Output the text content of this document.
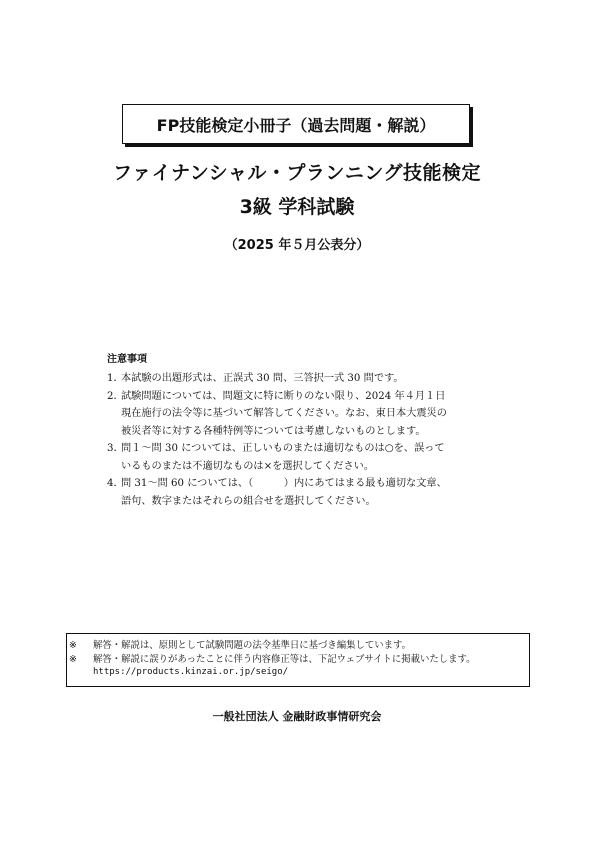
FP技能検定小冊子（過去問題・解説）
ファイナンシャル・プランニング技能検定
3級 学科試験
（2025 年５月公表分）
注意事項
1．
本試験の出題形式は、正誤式 30 問、三答択一式 30 問です。
2．
試験問題については、問題文に特に断りのない限り、2024 年４月１日
現在施行の法令等に基づいて解答してください。なお、東日本大震災の
被災者等に対する各種特例等については考慮しないものとします。
3．
問１～問 30 については、正しいものまたは適切なものは○を、誤って
いるものまたは不適切なものは×を選択してください。
4．
問 31～問 60 については、（　　　）内にあてはまる最も適切な文章、
語句、数字またはそれらの組合せを選択してください。
※	解答・解説は、原則として試験問題の法令基準日に基づき編集しています。
※	解答・解説に誤りがあったことに伴う内容修正等は、下記ウェブサイトに掲載いたします。
https://products.kinzai.or.jp/seigo/
一般社団法人 金融財政事情研究会
